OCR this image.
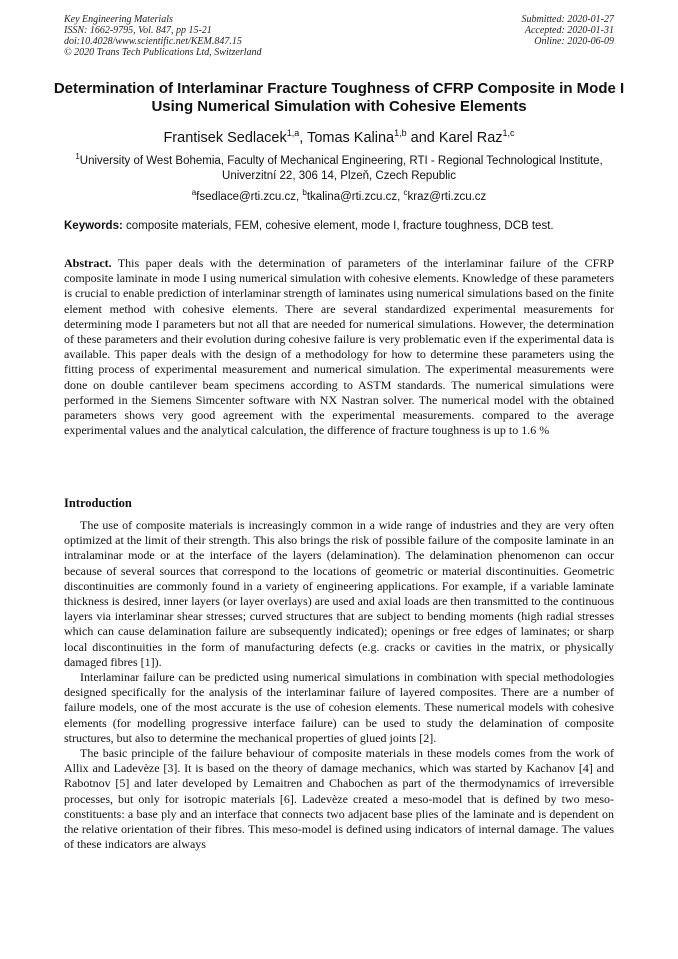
Key Engineering Materials
ISSN: 1662-9795, Vol. 847, pp 15-21
doi:10.4028/www.scientific.net/KEM.847.15
© 2020 Trans Tech Publications Ltd, Switzerland
Submitted: 2020-01-27
Accepted: 2020-01-31
Online: 2020-06-09
Determination of Interlaminar Fracture Toughness of CFRP Composite in Mode I Using Numerical Simulation with Cohesive Elements
Frantisek Sedlacek$^{1,a}$, Tomas Kalina$^{1,b}$ and Karel Raz$^{1,c}$
$^1$University of West Bohemia, Faculty of Mechanical Engineering, RTI - Regional Technological Institute, Univerzitní 22, 306 14, Plzeň, Czech Republic
$^a$fsedlace@rti.zcu.cz, $^b$tkalina@rti.zcu.cz, $^c$kraz@rti.zcu.cz
Keywords: composite materials, FEM, cohesive element, mode I, fracture toughness, DCB test.
Abstract. This paper deals with the determination of parameters of the interlaminar failure of the CFRP composite laminate in mode I using numerical simulation with cohesive elements. Knowledge of these parameters is crucial to enable prediction of interlaminar strength of laminates using numerical simulations based on the finite element method with cohesive elements. There are several standardized experimental measurements for determining mode I parameters but not all that are needed for numerical simulations. However, the determination of these parameters and their evolution during cohesive failure is very problematic even if the experimental data is available. This paper deals with the design of a methodology for how to determine these parameters using the fitting process of experimental measurement and numerical simulation. The experimental measurements were done on double cantilever beam specimens according to ASTM standards. The numerical simulations were performed in the Siemens Simcenter software with NX Nastran solver. The numerical model with the obtained parameters shows very good agreement with the experimental measurements. compared to the average experimental values and the analytical calculation, the difference of fracture toughness is up to 1.6 %
Introduction

The use of composite materials is increasingly common in a wide range of industries and they are very often optimized at the limit of their strength. This also brings the risk of possible failure of the composite laminate in an intralaminar mode or at the interface of the layers (delamination). The delamination phenomenon can occur because of several sources that correspond to the locations of geometric or material discontinuities. Geometric discontinuities are commonly found in a variety of engineering applications. For example, if a variable laminate thickness is desired, inner layers (or layer overlays) are used and axial loads are then transmitted to the continuous layers via interlaminar shear stresses; curved structures that are subject to bending moments (high radial stresses which can cause delamination failure are subsequently indicated); openings or free edges of laminates; or sharp local discontinuities in the form of manufacturing defects (e.g. cracks or cavities in the matrix, or physically damaged fibres [1]).

Interlaminar failure can be predicted using numerical simulations in combination with special methodologies designed specifically for the analysis of the interlaminar failure of layered composites. There are a number of failure models, one of the most accurate is the use of cohesion elements. These numerical models with cohesive elements (for modelling progressive interface failure) can be used to study the delamination of composite structures, but also to determine the mechanical properties of glued joints [2].

The basic principle of the failure behaviour of composite materials in these models comes from the work of Allix and Ladevèze [3]. It is based on the theory of damage mechanics, which was started by Kachanov [4] and Rabotnov [5] and later developed by Lemaitren and Chabochen as part of the thermodynamics of irreversible processes, but only for isotropic materials [6]. Ladevèze created a meso-model that is defined by two meso-constituents: a base ply and an interface that connects two adjacent base plies of the laminate and is dependent on the relative orientation of their fibres. This meso-model is defined using indicators of internal damage. The values of these indicators are always
